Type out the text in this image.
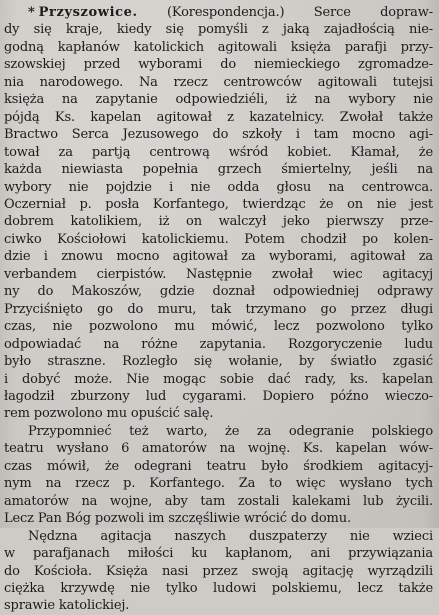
* Przyszowice. (Korespondencja.) Serce dopraw-
dy się kraje, kiedy się pomyśli z jaką zajadłością nie-
godną kapłanów katolickich agitowali księża parafji przy-
szowskiej przed wyborami do niemieckiego zgromadze-
nia narodowego. Na rzecz centrowców agitowali tutejsi
księża na zapytanie odpowiedziéli, iż na wybory nie
pójdą Ks. kapelan agitował z kazatelnicy. Zwołał także
Bractwo Serca Jezusowego do szkoły i tam mocno agi-
tował za partją centrową wśród kobiet. Kłamał, że
każda niewiasta popełnia grzech śmiertelny, jeśli na
wybory nie pojdzie i nie odda głosu na centrowca.
Oczerniał p. posła Korfantego, twierdząc że on nie jest
dobrem katolikiem, iż on walczył jeko pierwszy prze-
ciwko Kościołowi katolickiemu. Potem chodził po kolen-
dzie i znowu mocno agitował za wyborami, agitował za
verbandem cierpistów. Następnie zwołał wiec agitacyj
ny do Makoszów, gdzie doznał odpowiedniej odprawy
Przyciśnięto go do muru, tak trzymano go przez długi
czas, nie pozwolono mu mówić, lecz pozwolono tylko
odpowiadać na różne zapytania. Rozgoryczenie ludu
było straszne. Rozległo się wołanie, by światło zgasić
i dobyć może. Nie mogąc sobie dać rady, ks. kapelan
łagodził zburzony lud cygarami. Dopiero późno wieczo-
rem pozwolono mu opuścić salę.
Przypomnieć też warto, że za odegranie polskiego
teatru wysłano 6 amatorów na wojnę. Ks. kapelan wów-
czas mówił, że odegrani teatru było środkiem agitacyj-
nym na rzecz p. Korfantego. Za to więc wysłano tych
amatorów na wojne, aby tam zostali kalekami lub życili.
Lecz Pan Bóg pozwoli im szczęśliwie wrócić do domu.
Nędzna agitacja naszych duszpaterzy nie wzieci
w parafjanach miłości ku kapłanom, ani przywiązania
do Kościoła. Księża nasi przez swoją agitację wyrządzili
ciężka krzywdę nie tylko ludowi polskiemu, lecz także
sprawie katolickiej.
